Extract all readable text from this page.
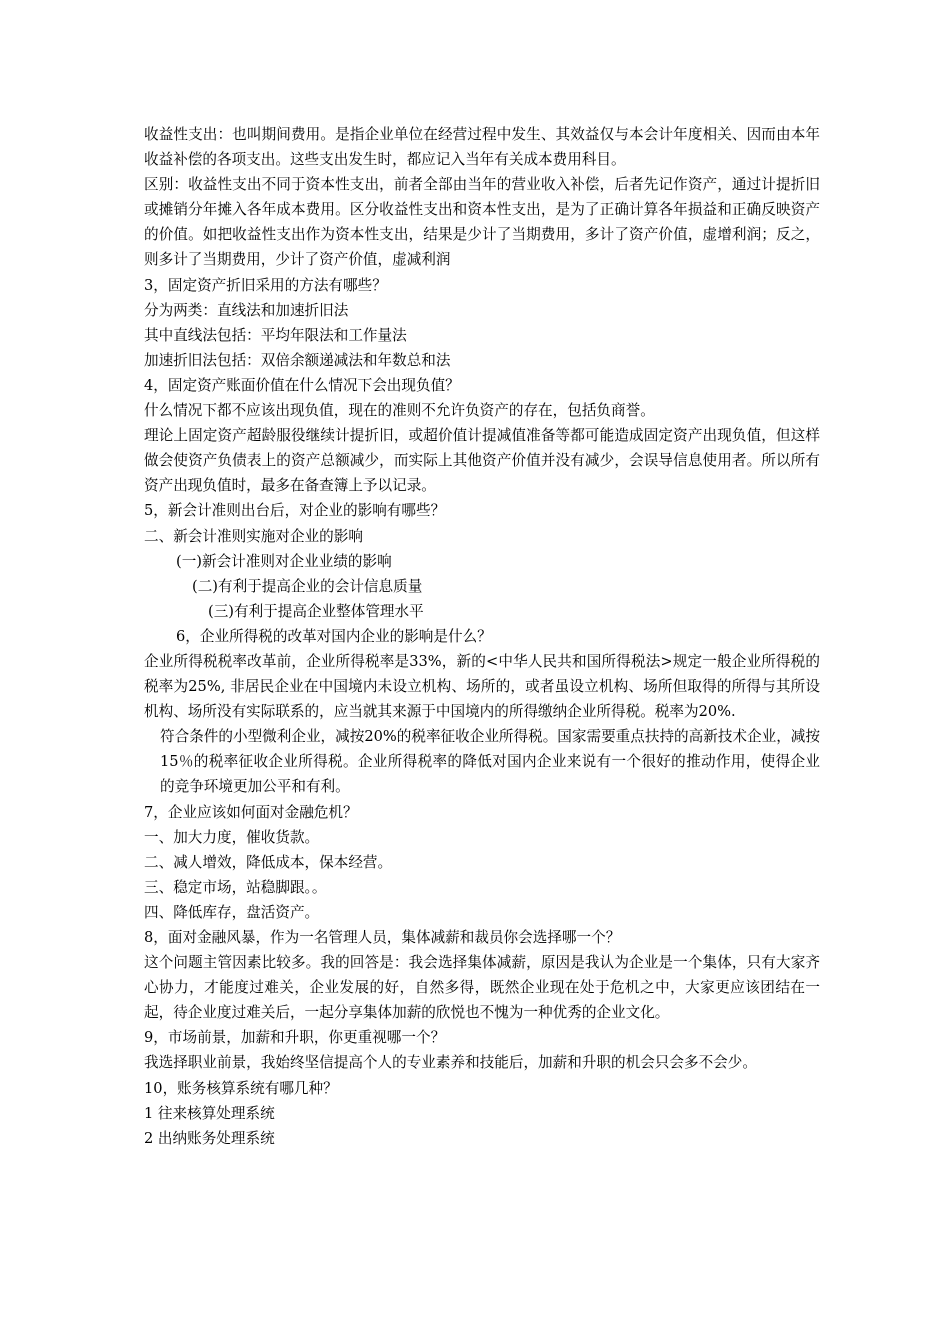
收益性支出：也叫期间费用。是指企业单位在经营过程中发生、其效益仅与本会计年度相关、因而由本年收益补偿的各项支出。这些支出发生时，都应记入当年有关成本费用科目。

区别：收益性支出不同于资本性支出，前者全部由当年的营业收入补偿，后者先记作资产，通过计提折旧或摊销分年摊入各年成本费用。区分收益性支出和资本性支出，是为了正确计算各年损益和正确反映资产的价值。如把收益性支出作为资本性支出，结果是少计了当期费用，多计了资产价值，虚增利润；反之，则多计了当期费用，少计了资产价值，虚减利润

3，固定资产折旧采用的方法有哪些？

分为两类：直线法和加速折旧法

其中直线法包括：平均年限法和工作量法

加速折旧法包括：双倍余额递减法和年数总和法

4，固定资产账面价值在什么情况下会出现负值？

什么情况下都不应该出现负值，现在的准则不允许负资产的存在，包括负商誉。

理论上固定资产超龄服役继续计提折旧，或超价值计提减值准备等都可能造成固定资产出现负值，但这样做会使资产负债表上的资产总额减少，而实际上其他资产价值并没有减少，会误导信息使用者。所以所有资产出现负值时，最多在备查簿上予以记录。

5，新会计准则出台后，对企业的影响有哪些？

二、新会计准则实施对企业的影响

(一)新会计准则对企业业绩的影响

(二)有利于提高企业的会计信息质量

(三)有利于提高企业整体管理水平

6，企业所得税的改革对国内企业的影响是什么？

企业所得税税率改革前，企业所得税率是33%，新的<中华人民共和国所得税法>规定一般企业所得税的税率为25%, 非居民企业在中国境内未设立机构、场所的，或者虽设立机构、场所但取得的所得与其所设机构、场所没有实际联系的，应当就其来源于中国境内的所得缴纳企业所得税。税率为20%.

符合条件的小型微利企业，减按20%的税率征收企业所得税。国家需要重点扶持的高新技术企业，减按15％的税率征收企业所得税。企业所得税率的降低对国内企业来说有一个很好的推动作用，使得企业的竞争环境更加公平和有利。

7，企业应该如何面对金融危机？

一、加大力度，催收货款。

二、减人增效，降低成本，保本经营。

三、稳定市场，站稳脚跟。。

四、降低库存，盘活资产。

8，面对金融风暴，作为一名管理人员，集体减薪和裁员你会选择哪一个？

这个问题主管因素比较多。我的回答是：我会选择集体减薪，原因是我认为企业是一个集体，只有大家齐心协力，才能度过难关，企业发展的好，自然多得，既然企业现在处于危机之中，大家更应该团结在一起，待企业度过难关后，一起分享集体加薪的欣悦也不愧为一种优秀的企业文化。

9，市场前景，加薪和升职，你更重视哪一个？

我选择职业前景，我始终坚信提高个人的专业素养和技能后，加薪和升职的机会只会多不会少。

10，账务核算系统有哪几种？

1 往来核算处理系统

2 出纳账务处理系统
